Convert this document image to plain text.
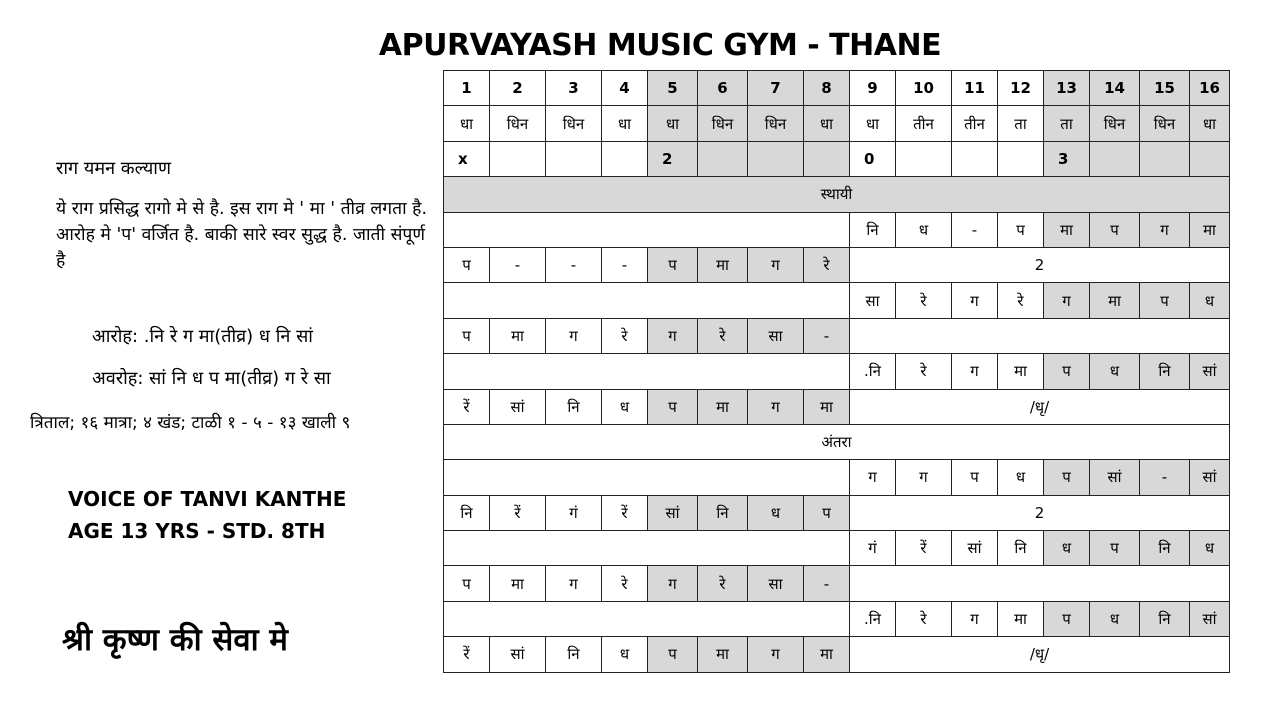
APURVAYASH MUSIC GYM - THANE
राग यमन कल्याण
ये राग प्रसिद्ध रागो मे से है. इस राग मे ' मा ' तीव्र लगता है. आरोह मे 'प' वर्जित है. बाकी सारे स्वर सुद्ध है. जाती संपूर्ण है
आरोह: .नि रे ग मा(तीव्र) ध नि सां
अवरोह: सां नि ध प मा(तीव्र) ग रे सा
त्रिताल; १६ मात्रा; ४ खंड; टाळी १ - ५ - १३ खाली ९
VOICE OF TANVI KANTHE
AGE 13 YRS - STD. 8TH
श्री कृष्ण की सेवा मे
1	2	3	4	5	6	7	8	9	10	11	12	13	14	15	16
धा	धिन	धिन	धा	धा	धिन	धिन	धा	धा	तीन	तीन	ता	ता	धिन	धिन	धा
x				2				0				3			
स्थायी															
								नि	ध	-	प	मा	प	ग	मा
प	-	-	-	प	मा	ग	रे	2							
								सा	रे	ग	रे	ग	मा	प	ध
प	मा	ग	रे	ग	रे	सा	-								
								.नि	रे	ग	मा	प	ध	नि	सां
रें	सां	नि	ध	प	मा	ग	मा	/धृ/							
अंतरा															
								ग	ग	प	ध	प	सां	-	सां
नि	रें	गं	रें	सां	नि	ध	प	2							
								गं	रें	सां	नि	ध	प	नि	ध
प	मा	ग	रे	ग	रे	सा	-								
								.नि	रे	ग	मा	प	ध	नि	सां
रें	सां	नि	ध	प	मा	ग	मा	/धृ/							
